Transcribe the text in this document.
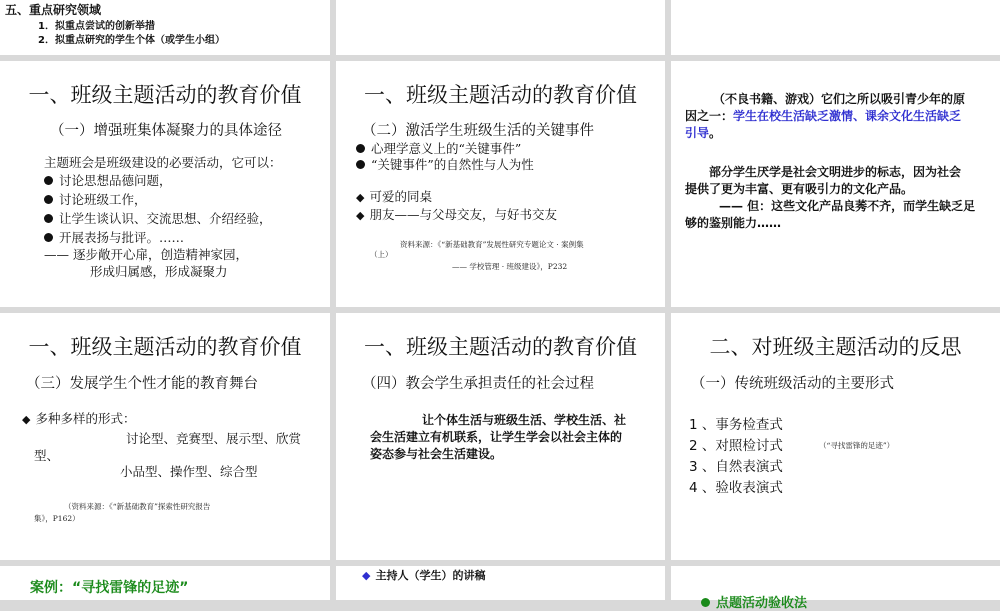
五、重点研究领域
1．拟重点尝试的创新举措
2．拟重点研究的学生个体（或学生小组）
一、班级主题活动的教育价值
（一）增强班集体凝聚力的具体途径
主题班会是班级建设的必要活动，它可以：
讨论思想品德问题，
讨论班级工作，
让学生谈认识、交流思想、介绍经验，
开展表扬与批评。……
—— 逐步敞开心扉，创造精神家园，
形成归属感，形成凝聚力
一、班级主题活动的教育价值
（二）激活学生班级生活的关键事件
心理学意义上的“关键事件”
“关键事件”的自然性与人为性
◆ 可爱的同桌
◆ 朋友——与父母交友，与好书交友
资料来源：《“新基础教育”发展性研究专题论文 · 案例集
（上）
—— 学校管理 · 班级建设》，P232
（不良书籍、游戏）它们之所以吸引青少年的原
因之一：学生在校生活缺乏激情、课余文化生活缺乏
引导。
部分学生厌学是社会文明进步的标志，因为社会
提供了更为丰富、更有吸引力的文化产品。
—— 但：这些文化产品良莠不齐，而学生缺乏足
够的鉴别能力……
一、班级主题活动的教育价值
（三）发展学生个性才能的教育舞台
◆ 多种多样的形式：
讨论型、竞赛型、展示型、欣赏
型、
小品型、操作型、综合型
（资料来源：《“新基础教育”探索性研究报告
集》，P162）
一、班级主题活动的教育价值
（四）教会学生承担责任的社会过程
让个体生活与班级生活、学校生活、社
会生活建立有机联系，让学生学会以社会主体的
姿态参与社会生活建设。
二、对班级主题活动的反思
（一）传统班级活动的主要形式
1 、事务检查式
2 、对照检讨式
3 、自然表演式
4 、验收表演式
（“寻找雷锋的足迹”）
案例：“寻找雷锋的足迹”
◆ 主持人（学生）的讲稿
点题活动验收法
